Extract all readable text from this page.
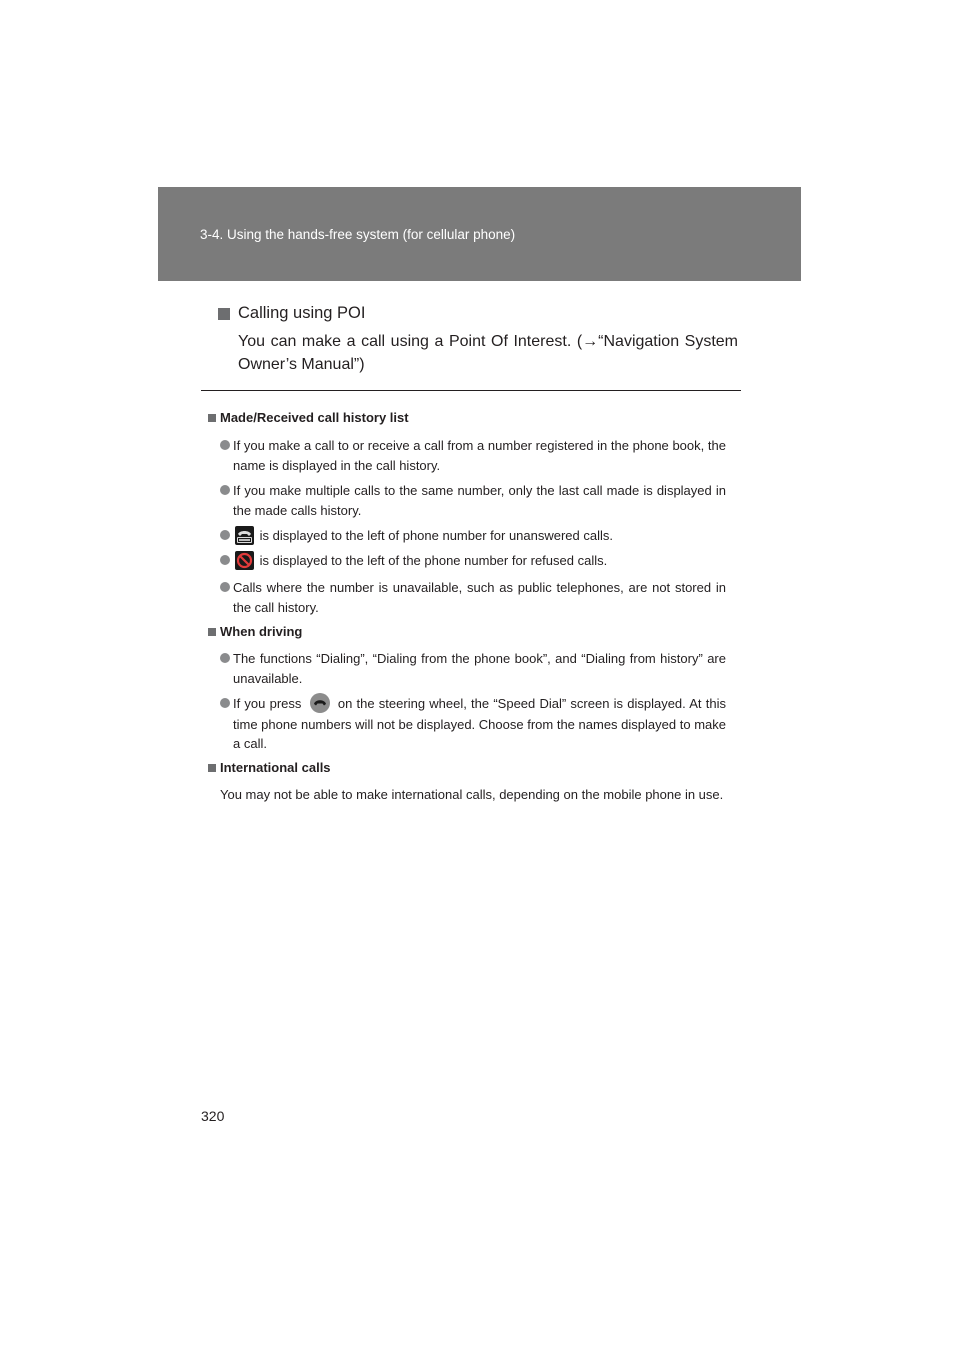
3-4. Using the hands-free system (for cellular phone)
Calling using POI
You can make a call using a Point Of Interest. (→“Navigation System Owner’s Manual”)
Made/Received call history list
If you make a call to or receive a call from a number registered in the phone book, the name is displayed in the call history.
If you make multiple calls to the same number, only the last call made is displayed in the made calls history.
is displayed to the left of phone number for unanswered calls.
is displayed to the left of the phone number for refused calls.
Calls where the number is unavailable, such as public telephones, are not stored in the call history.
When driving
The functions “Dialing”, “Dialing from the phone book”, and “Dialing from history” are unavailable.
If you press	on the steering wheel, the “Speed Dial” screen is displayed. At this time phone numbers will not be displayed. Choose from the names displayed to make a call.
International calls
You may not be able to make international calls, depending on the mobile phone in use.
320
